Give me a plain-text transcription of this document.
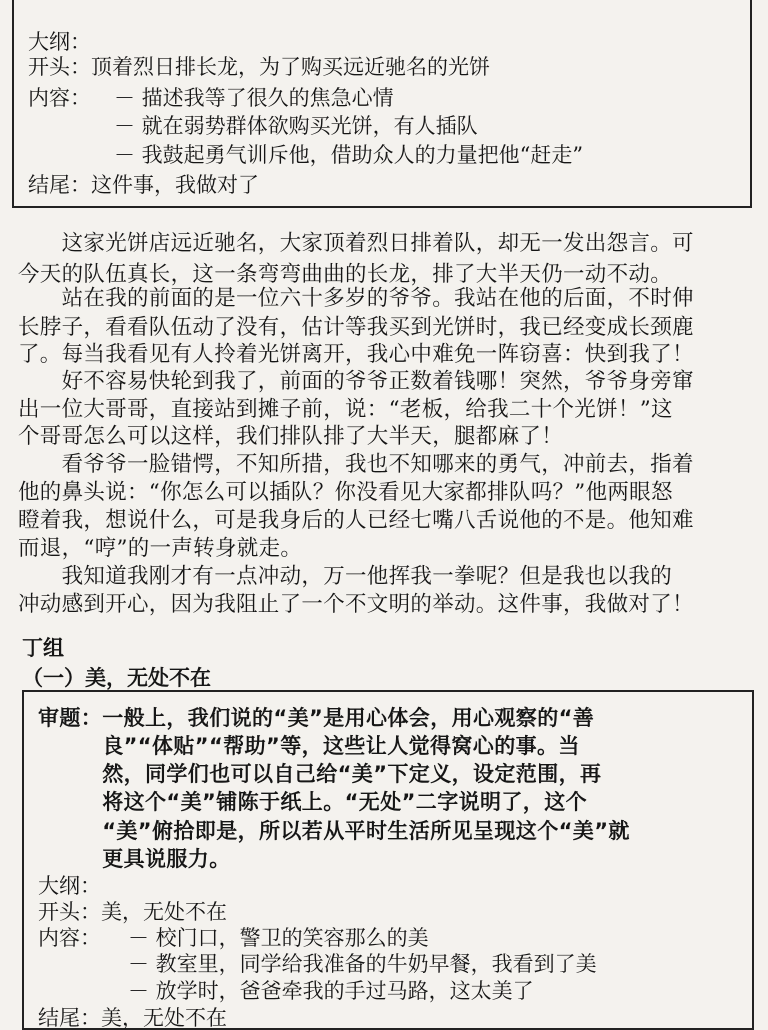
大纲：
开头：顶着烈日排长龙，为了购买远近驰名的光饼
内容： － 描述我等了很久的焦急心情
－ 就在弱势群体欲购买光饼，有人插队
－ 我鼓起勇气训斥他，借助众人的力量把他“赶走”
结尾：这件事，我做对了
　　这家光饼店远近驰名，大家顶着烈日排着队，却无一发出怨言。可
今天的队伍真长，这一条弯弯曲曲的长龙，排了大半天仍一动不动。
　　站在我的前面的是一位六十多岁的爷爷。我站在他的后面，不时伸
长脖子，看看队伍动了没有，估计等我买到光饼时，我已经变成长颈鹿
了。每当我看见有人拎着光饼离开，我心中难免一阵窃喜：快到我了！
　　好不容易快轮到我了，前面的爷爷正数着钱哪！突然，爷爷身旁窜
出一位大哥哥，直接站到摊子前，说：“老板，给我二十个光饼！”这
个哥哥怎么可以这样，我们排队排了大半天，腿都麻了！
　　看爷爷一脸错愕，不知所措，我也不知哪来的勇气，冲前去，指着
他的鼻头说：“你怎么可以插队？你没看见大家都排队吗？”他两眼怒
瞪着我，想说什么，可是我身后的人已经七嘴八舌说他的不是。他知难
而退，“哼”的一声转身就走。
　　我知道我刚才有一点冲动，万一他挥我一拳呢？但是我也以我的
冲动感到开心，因为我阻止了一个不文明的举动。这件事，我做对了！
丁组
（一）美，无处不在
审题：一般上，我们说的“美”是用心体会，用心观察的“善
　　　良”“体贴”“帮助”等，这些让人觉得窝心的事。当
　　　然，同学们也可以自己给“美”下定义，设定范围，再
　　　将这个“美”铺陈于纸上。“无处”二字说明了，这个
　　　“美”俯拾即是，所以若从平时生活所见呈现这个“美”就
　　　更具说服力。
大纲：
开头：美，无处不在
内容： － 校门口，警卫的笑容那么的美
－ 教室里，同学给我准备的牛奶早餐，我看到了美
－ 放学时，爸爸牵我的手过马路，这太美了
结尾：美，无处不在
